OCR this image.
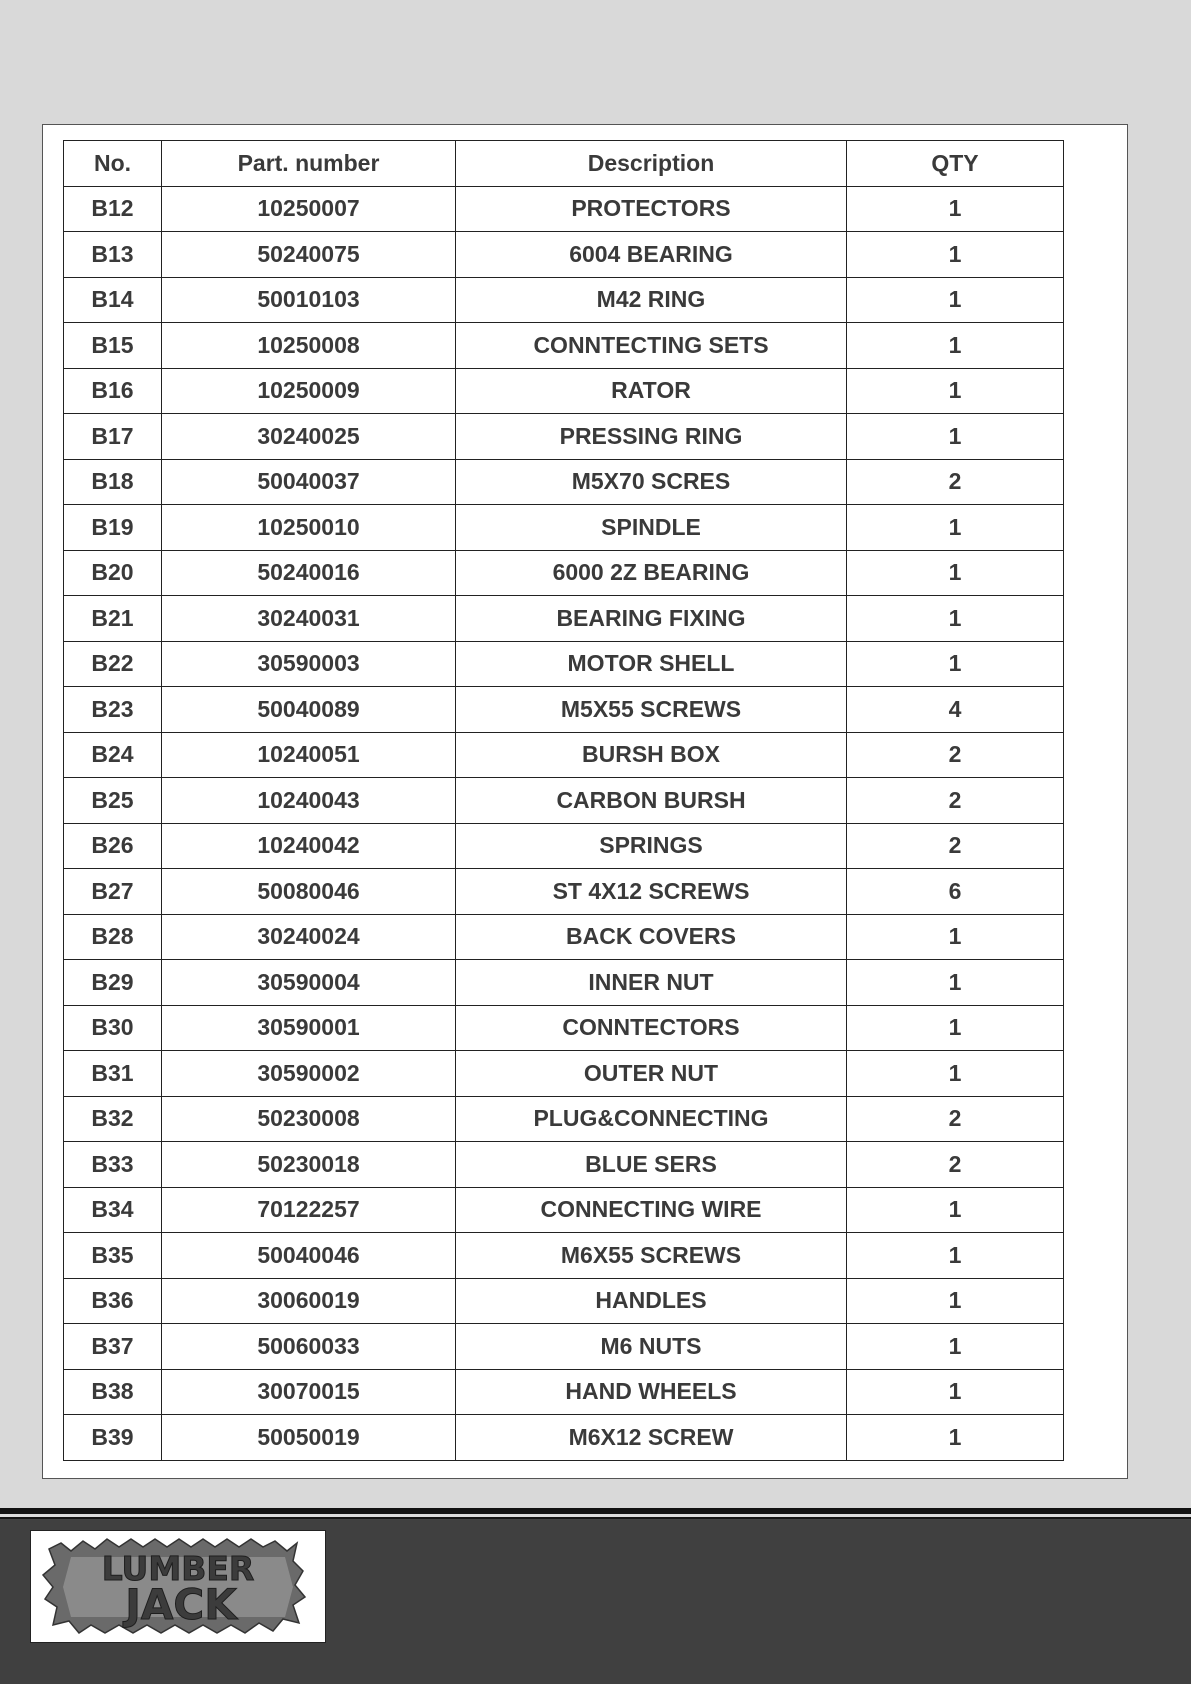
No.	Part. number	Description	QTY
B12	10250007	PROTECTORS	1
B13	50240075	6004 BEARING	1
B14	50010103	M42 RING	1
B15	10250008	CONNTECTING SETS	1
B16	10250009	RATOR	1
B17	30240025	PRESSING RING	1
B18	50040037	M5X70 SCRES	2
B19	10250010	SPINDLE	1
B20	50240016	6000 2Z BEARING	1
B21	30240031	BEARING FIXING	1
B22	30590003	MOTOR SHELL	1
B23	50040089	M5X55 SCREWS	4
B24	10240051	BURSH BOX	2
B25	10240043	CARBON BURSH	2
B26	10240042	SPRINGS	2
B27	50080046	ST 4X12 SCREWS	6
B28	30240024	BACK COVERS	1
B29	30590004	INNER NUT	1
B30	30590001	CONNTECTORS	1
B31	30590002	OUTER NUT	1
B32	50230008	PLUG&CONNECTING	2
B33	50230018	BLUE SERS	2
B34	70122257	CONNECTING WIRE	1
B35	50040046	M6X55 SCREWS	1
B36	30060019	HANDLES	1
B37	50060033	M6 NUTS	1
B38	30070015	HAND WHEELS	1
B39	50050019	M6X12 SCREW	1
LUMBER
JACK
